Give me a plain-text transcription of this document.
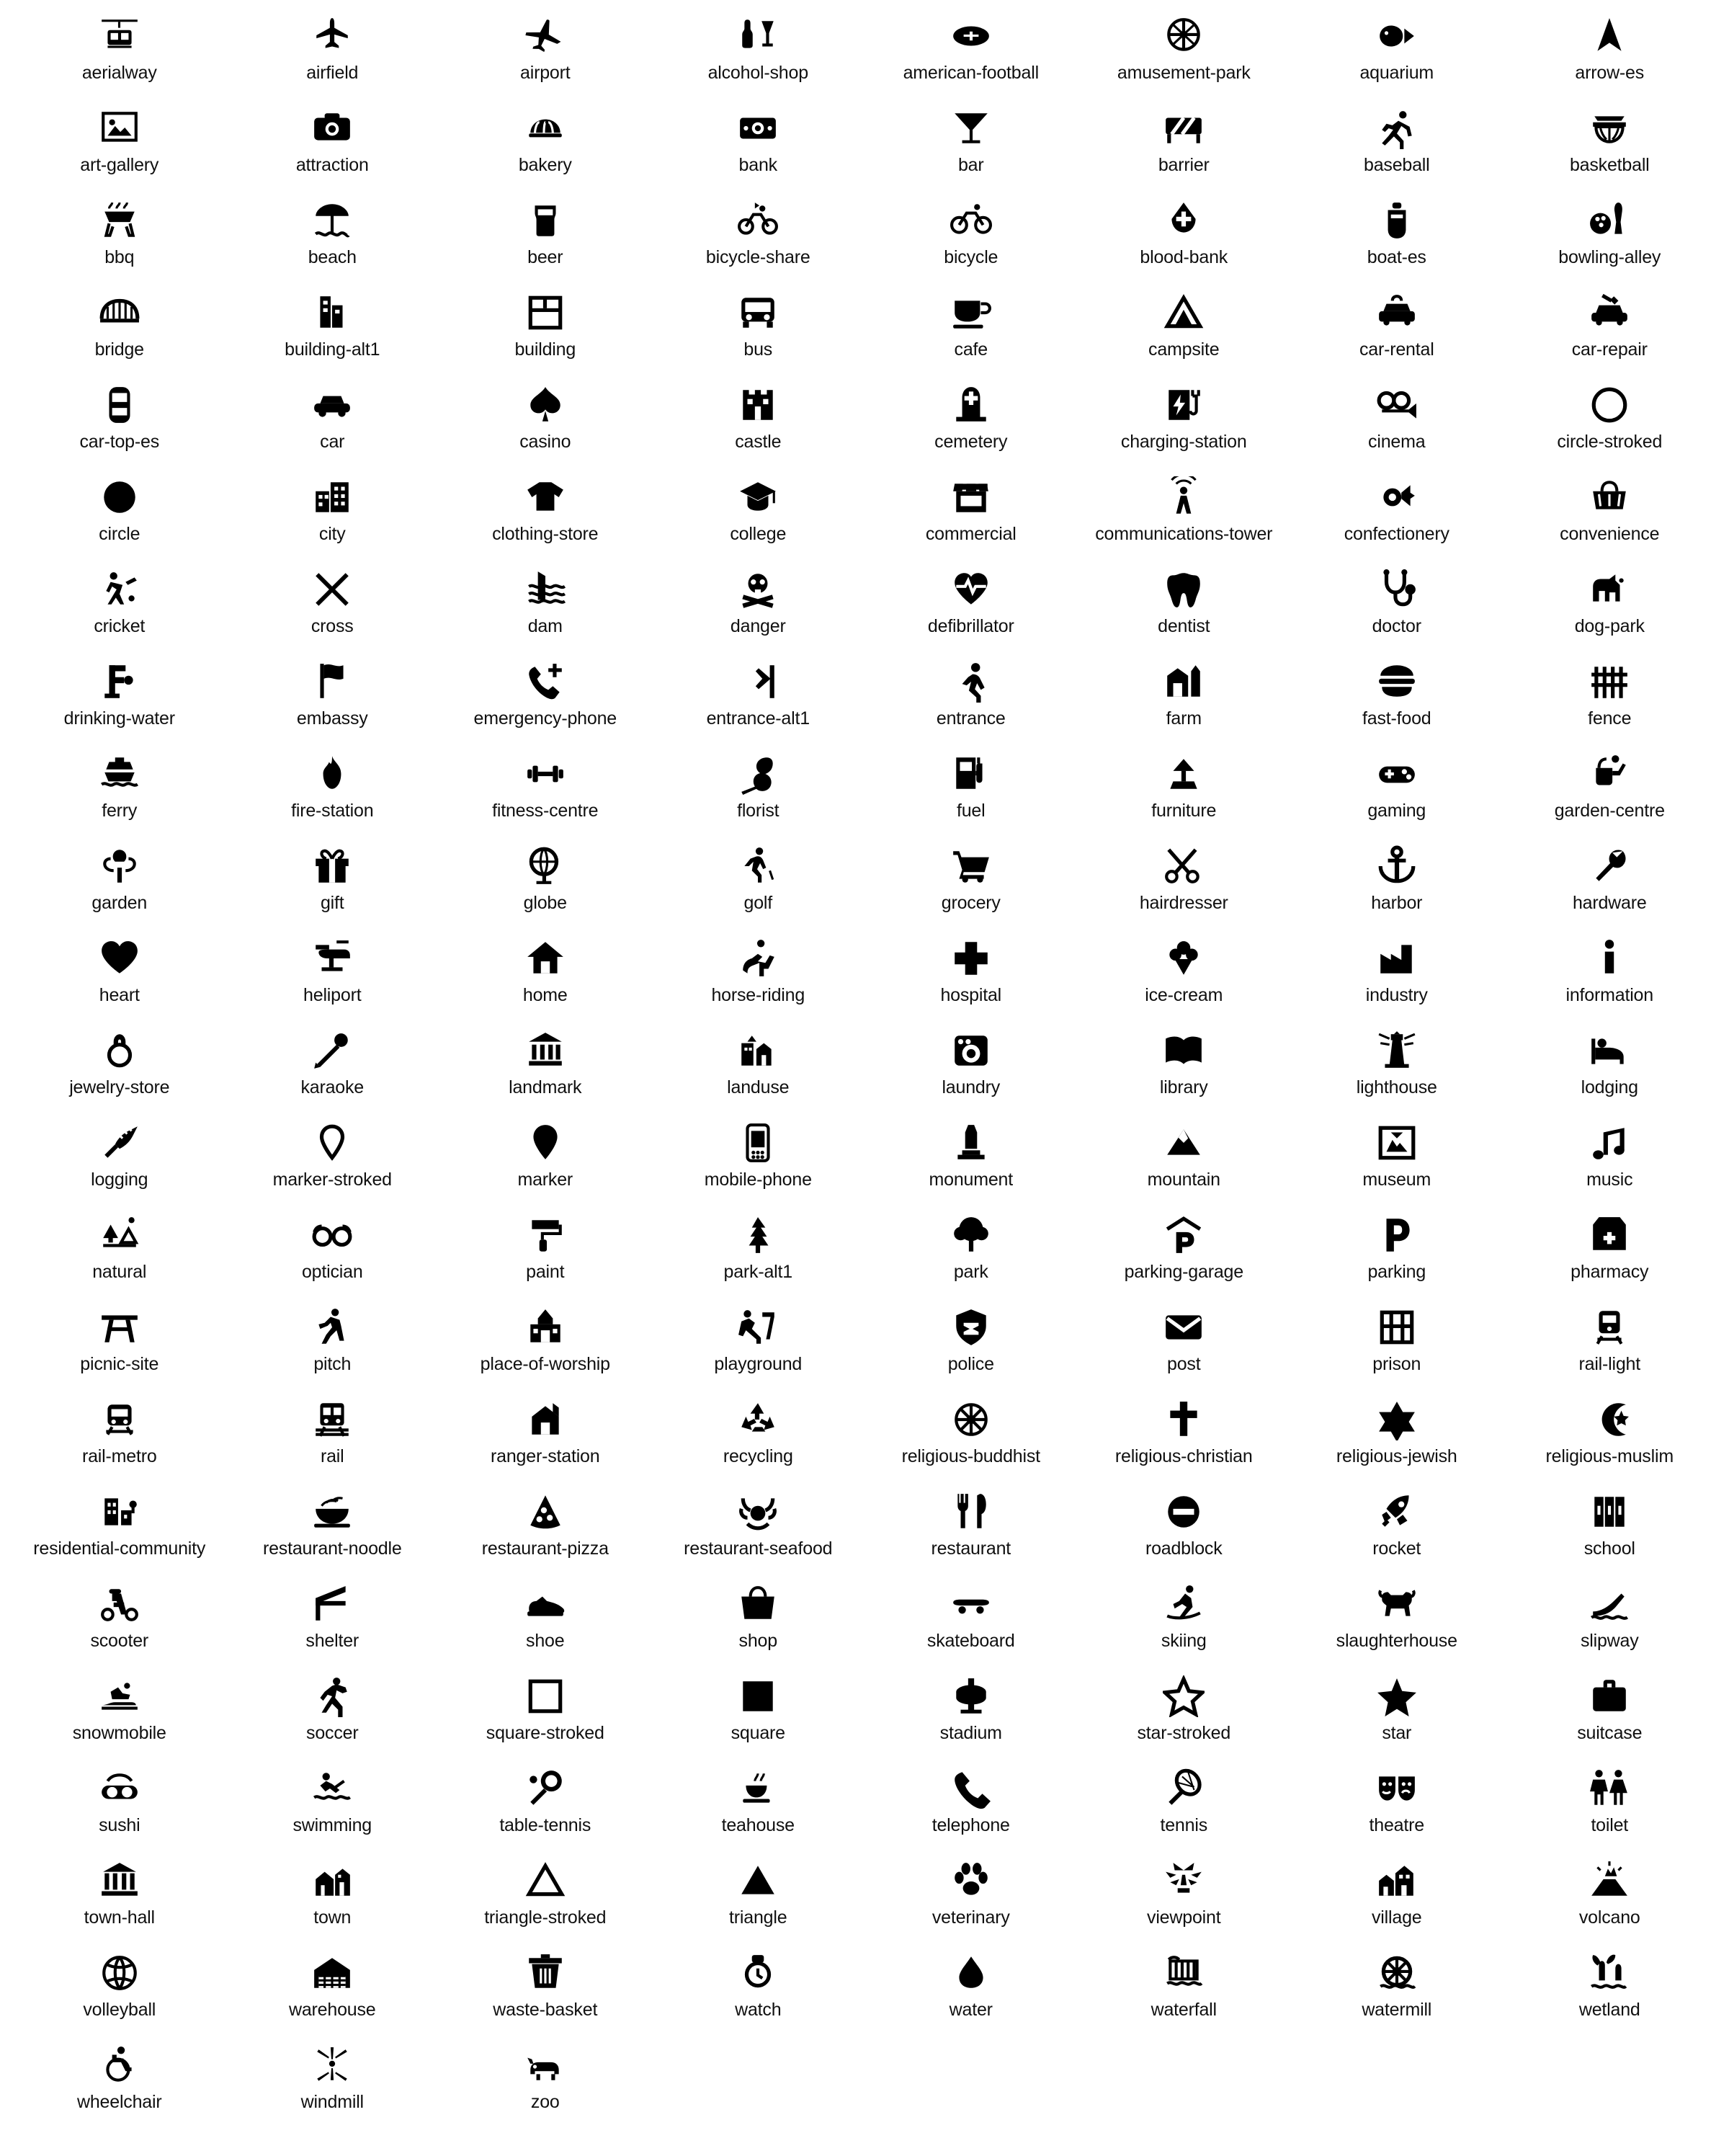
aerialway	airfield	airport	alcohol-shop	american-football	amusement-park	aquarium	arrow-es
art-gallery	attraction	bakery	bank	bar	barrier	baseball	basketball
bbq	beach	beer	bicycle-share	bicycle	blood-bank	boat-es	bowling-alley
bridge	building-alt1	building	bus	cafe	campsite	car-rental	car-repair
car-top-es	car	casino	castle	cemetery	charging-station	cinema	circle-stroked
circle	city	clothing-store	college	commercial	communications-tower	confectionery	convenience
cricket	cross	dam	danger	defibrillator	dentist	doctor	dog-park
drinking-water	embassy	emergency-phone	entrance-alt1	entrance	farm	fast-food	fence
ferry	fire-station	fitness-centre	florist	fuel	furniture	gaming	garden-centre
garden	gift	globe	golf	grocery	hairdresser	harbor	hardware
heart	heliport	home	horse-riding	hospital	ice-cream	industry	information
jewelry-store	karaoke	landmark	landuse	laundry	library	lighthouse	lodging
logging	marker-stroked	marker	mobile-phone	monument	mountain	museum	music
natural	optician	paint	park-alt1	park	parking-garage	parking	pharmacy
picnic-site	pitch	place-of-worship	playground	police	post	prison	rail-light
rail-metro	rail	ranger-station	recycling	religious-buddhist	religious-christian	religious-jewish	religious-muslim
residential-community	restaurant-noodle	restaurant-pizza	restaurant-seafood	restaurant	roadblock	rocket	school
scooter	shelter	shoe	shop	skateboard	skiing	slaughterhouse	slipway
snowmobile	soccer	square-stroked	square	stadium	star-stroked	star	suitcase
sushi	swimming	table-tennis	teahouse	telephone	tennis	theatre	toilet
town-hall	town	triangle-stroked	triangle	veterinary	viewpoint	village	volcano
volleyball	warehouse	waste-basket	watch	water	waterfall	watermill	wetland
wheelchair	windmill	zoo
